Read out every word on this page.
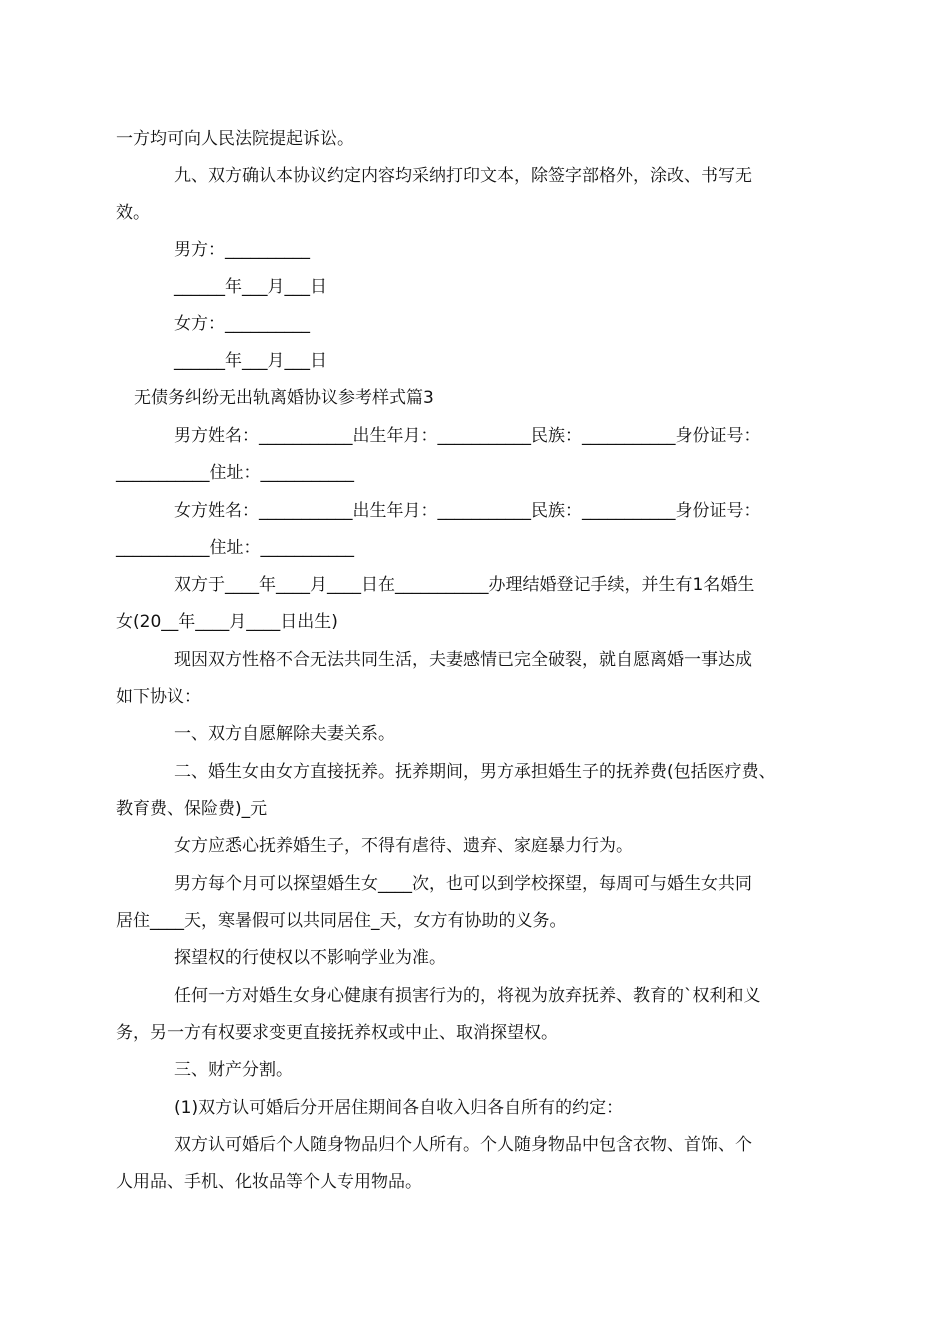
一方均可向人民法院提起诉讼。
九、双方确认本协议约定内容均采纳打印文本，除签字部格外，涂改、书写无
效。
男方：__________
______年___月___日
女方：__________
______年___月___日
无债务纠纷无出轨离婚协议参考样式篇3
男方姓名：___________出生年月：___________民族：___________身份证号：
___________住址：___________
女方姓名：___________出生年月：___________民族：___________身份证号：
___________住址：___________
双方于____年____月____日在___________办理结婚登记手续，并生有1名婚生
女(20__年____月____日出生)
现因双方性格不合无法共同生活，夫妻感情已完全破裂，就自愿离婚一事达成
如下协议：
一、双方自愿解除夫妻关系。
二、婚生女由女方直接抚养。抚养期间，男方承担婚生子的抚养费(包括医疗费、
教育费、保险费)_元
女方应悉心抚养婚生子，不得有虐待、遗弃、家庭暴力行为。
男方每个月可以探望婚生女____次，也可以到学校探望，每周可与婚生女共同
居住____天，寒暑假可以共同居住_天，女方有协助的义务。
探望权的行使权以不影响学业为准。
任何一方对婚生女身心健康有损害行为的，将视为放弃抚养、教育的`权利和义
务，另一方有权要求变更直接抚养权或中止、取消探望权。
三、财产分割。
(1)双方认可婚后分开居住期间各自收入归各自所有的约定：
双方认可婚后个人随身物品归个人所有。个人随身物品中包含衣物、首饰、个
人用品、手机、化妆品等个人专用物品。
